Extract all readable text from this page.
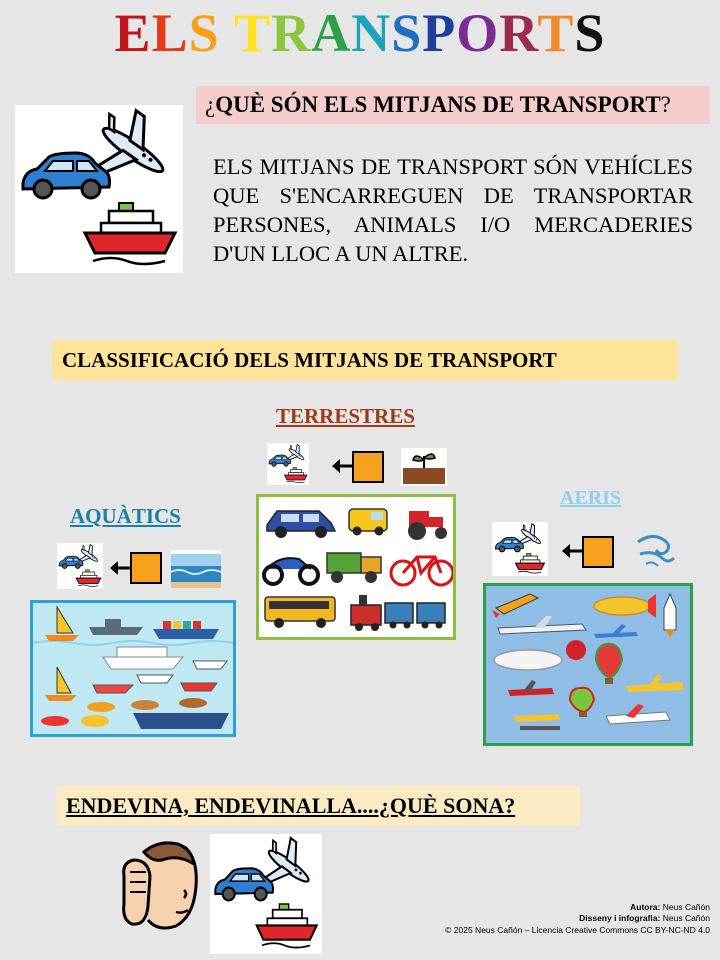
ELS TRANSPORTS
¿QUÈ SÓN ELS MITJANS DE TRANSPORT?
ELS MITJANS DE TRANSPORT SÓN VEHÍCLES QUE S'ENCARREGUEN DE TRANSPORTAR PERSONES, ANIMALS I/O MERCADERIES D'UN LLOC A UN ALTRE.
CLASSIFICACIÓ DELS MITJANS DE TRANSPORT
TERRESTRES
AQUÀTICS
AERIS
ENDEVINA, ENDEVINALLA....¿QUÈ SONA?
Autora: Neus Cañón
Disseny i infografia: Neus Cañón
© 2025 Neus Cañón – Licencia Creative Commons CC BY-NC-ND 4.0
